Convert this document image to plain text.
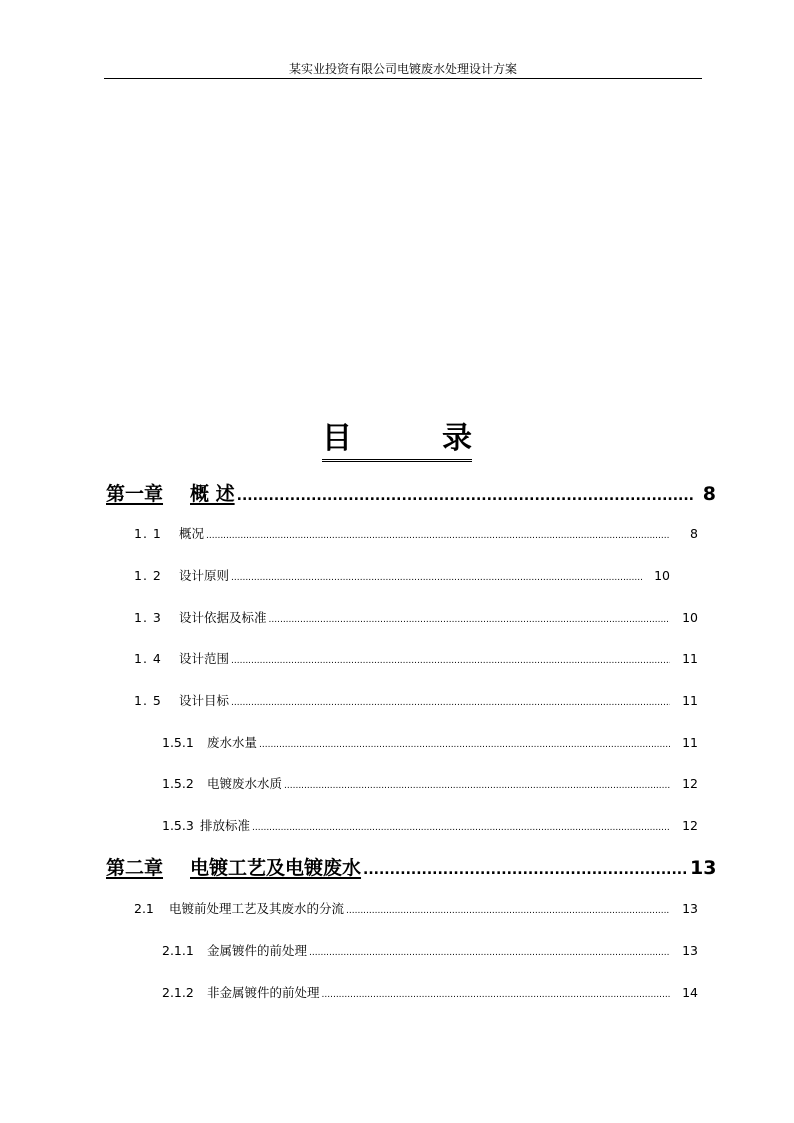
某实业投资有限公司电镀废水处理设计方案
目	录
第一章	概 述 .....	8
1. 1	概况 .....	8
1. 2	设计原则 .....	10
1. 3	设计依据及标准 .....	10
1. 4	设计范围 .....	11
1. 5	设计目标 .....	11
1.5.1	废水水量 .....	11
1.5.2	电镀废水水质 .....	12
1.5.3 排放标准 .....	12
第二章	电镀工艺及电镀废水 .....	13
2.1	电镀前处理工艺及其废水的分流 .....	13
2.1.1	金属镀件的前处理 .....	13
2.1.2	非金属镀件的前处理 .....	14
